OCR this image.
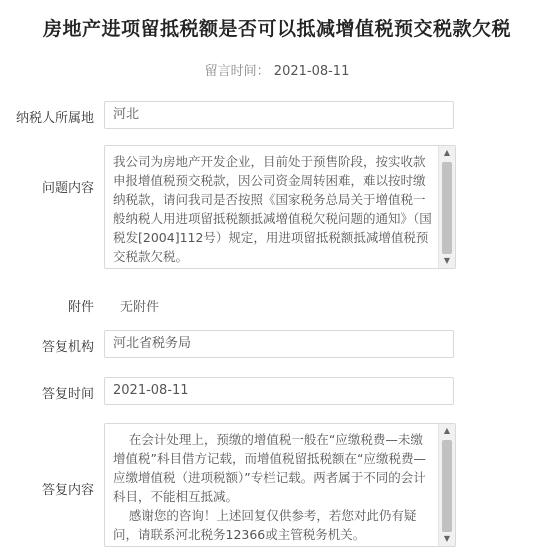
房地产进项留抵税额是否可以抵减增值税预交税款欠税
留言时间： 2021-08-11
纳税人所属地	河北
问题内容
我公司为房地产开发企业，目前处于预售阶段，按实收款申报增值税预交税款，因公司资金周转困难，难以按时缴纳税款，请问我司是否按照《国家税务总局关于增值税一般纳税人用进项留抵税额抵减增值税欠税问题的通知》（国税发[2004]112号）规定，用进项留抵税额抵减增值税预交税款欠税。
▲
▼
附件 无附件
答复机构	河北省税务局
答复时间	2021-08-11
答复内容
在会计处理上，预缴的增值税一般在“应缴税费—未缴增值税”科目借方记载，而增值税留抵税额在“应缴税费—应缴增值税（进项税额）”专栏记载。两者属于不同的会计科目，不能相互抵减。
感谢您的咨询！上述回复仅供参考，若您对此仍有疑问，请联系河北税务12366或主管税务机关。
▲
▼
